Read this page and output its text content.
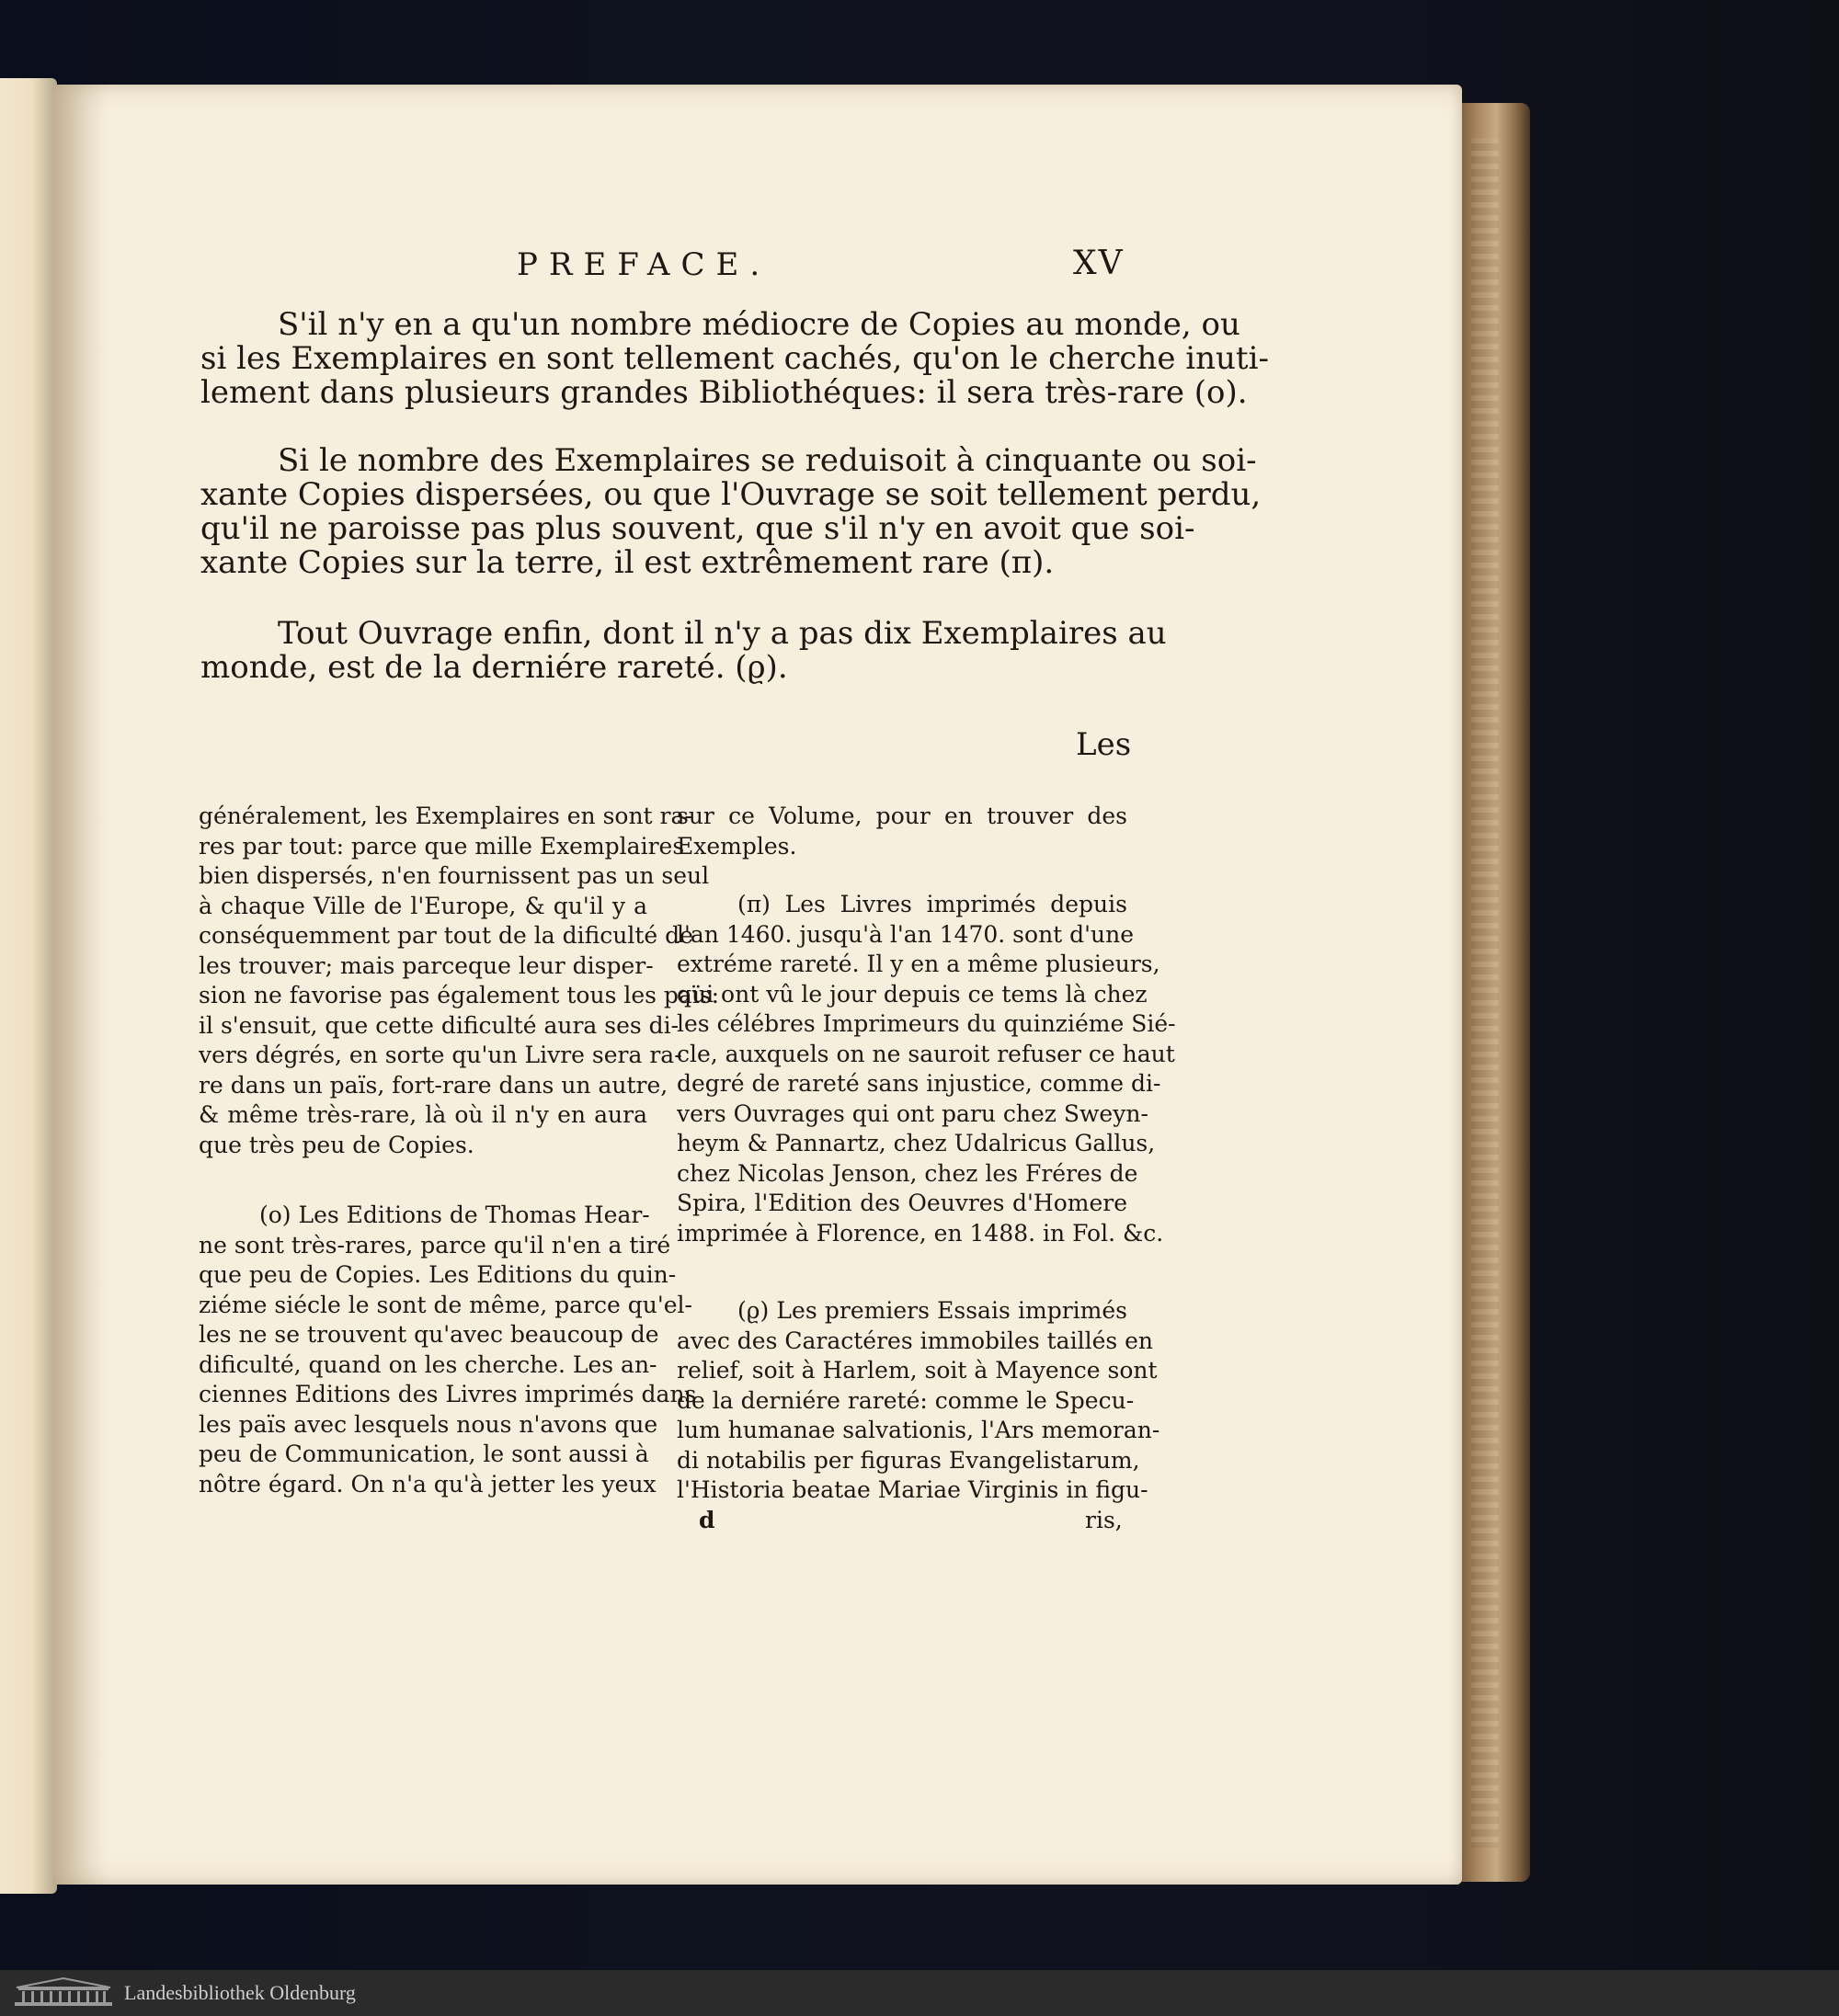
PREFACE.	XV
S'il n'y en a qu'un nombre médiocre de Copies au monde, ou
si les Exemplaires en sont tellement cachés, qu'on le cherche inuti-
lement dans plusieurs grandes Bibliothéques: il sera très-rare (o).
Si le nombre des Exemplaires se reduisoit à cinquante ou soi-
xante Copies dispersées, ou que l'Ouvrage se soit tellement perdu,
qu'il ne paroisse pas plus souvent, que s'il n'y en avoit que soi-
xante Copies sur la terre, il est extrêmement rare (π).
Tout Ouvrage enfin, dont il n'y a pas dix Exemplaires au
monde, est de la derniére rareté. (ϱ).
Les
généralement, les Exemplaires en sont ra-
res par tout: parce que mille Exemplaires
bien dispersés, n'en fournissent pas un seul
à chaque Ville de l'Europe, & qu'il y a
conséquemment par tout de la dificulté de
les trouver; mais parceque leur disper-
sion ne favorise pas également tous les païs:
il s'ensuit, que cette dificulté aura ses di-
vers dégrés, en sorte qu'un Livre sera ra-
re dans un païs, fort-rare dans un autre,
& même très-rare, là où il n'y en aura
que très peu de Copies.
(o) Les Editions de Thomas Hear-
ne sont très-rares, parce qu'il n'en a tiré
que peu de Copies. Les Editions du quin-
ziéme siécle le sont de même, parce qu'el-
les ne se trouvent qu'avec beaucoup de
dificulté, quand on les cherche. Les an-
ciennes Editions des Livres imprimés dans
les païs avec lesquels nous n'avons que
peu de Communication, le sont aussi à
nôtre égard. On n'a qu'à jetter les yeux
sur ce Volume, pour en trouver des
Exemples.
(π) Les Livres imprimés depuis
l'an 1460. jusqu'à l'an 1470. sont d'une
extréme rareté. Il y en a même plusieurs,
qui ont vû le jour depuis ce tems là chez
les célébres Imprimeurs du quinziéme Sié-
cle, auxquels on ne sauroit refuser ce haut
degré de rareté sans injustice, comme di-
vers Ouvrages qui ont paru chez Sweyn-
heym & Pannartz, chez Udalricus Gallus,
chez Nicolas Jenson, chez les Fréres de
Spira, l'Edition des Oeuvres d'Homere
imprimée à Florence, en 1488. in Fol. &c.
(ϱ) Les premiers Essais imprimés
avec des Caractéres immobiles taillés en
relief, soit à Harlem, soit à Mayence sont
de la derniére rareté: comme le Specu-
lum humanae salvationis, l'Ars memoran-
di notabilis per figuras Evangelistarum,
l'Historia beatae Mariae Virginis in figu-
d	ris,
Landesbibliothek Oldenburg
